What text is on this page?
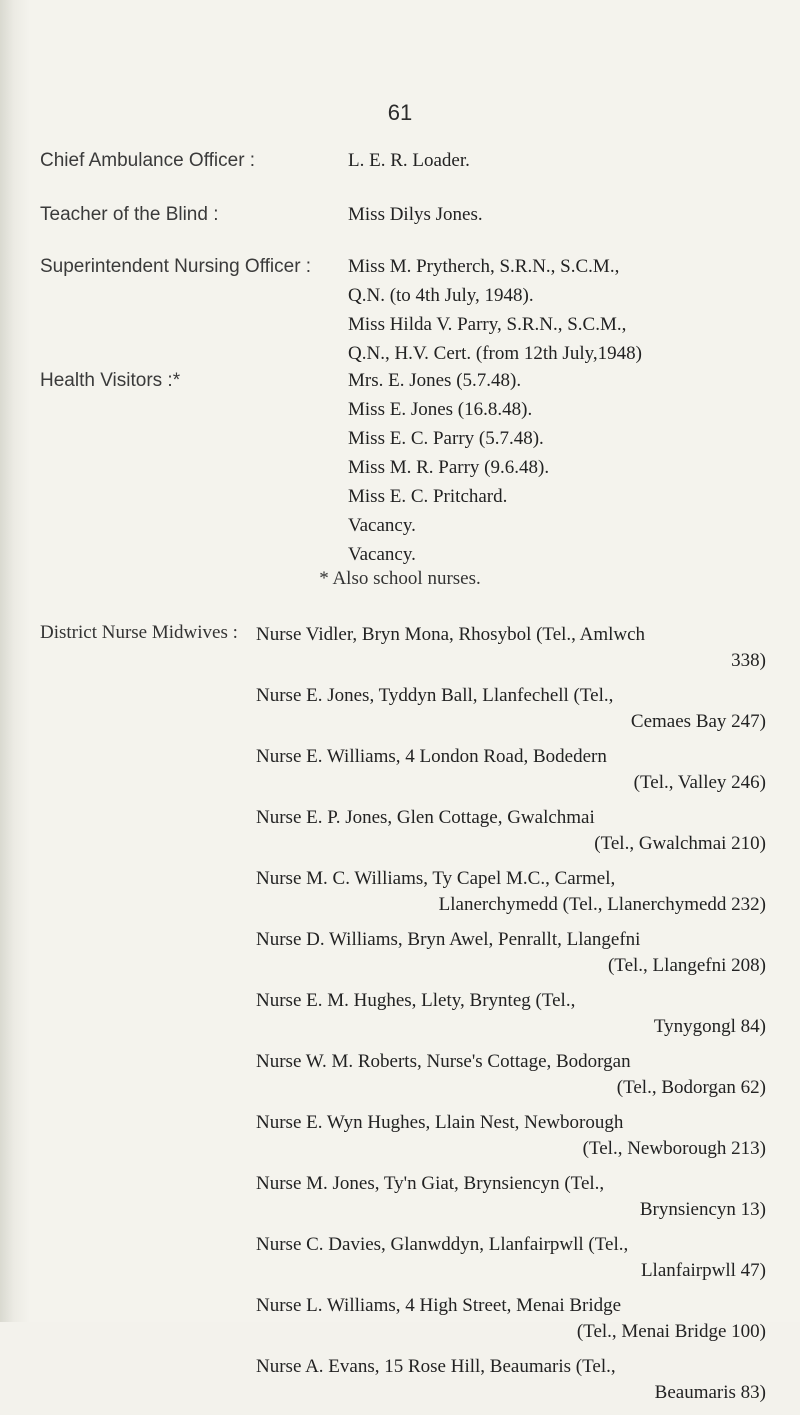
61
Chief Ambulance Officer :	L. E. R. Loader.
Teacher of the Blind :	Miss Dilys Jones.
Superintendent Nursing Officer : Miss M. Prytherch, S.R.N., S.C.M.,
Q.N. (to 4th July, 1948).
Miss Hilda V. Parry, S.R.N., S.C.M.,
Q.N., H.V. Cert. (from 12th July,1948)
Health Visitors :*	Mrs. E. Jones (5.7.48).
Miss E. Jones (16.8.48).
Miss E. C. Parry (5.7.48).
Miss M. R. Parry (9.6.48).
Miss E. C. Pritchard.
Vacancy.
Vacancy.
* Also school nurses.
District Nurse Midwives : Nurse Vidler, Bryn Mona, Rhosybol (Tel., Amlwch
338)
Nurse E. Jones, Tyddyn Ball, Llanfechell (Tel.,
Cemaes Bay 247)
Nurse E. Williams, 4 London Road, Bodedern
(Tel., Valley 246)
Nurse E. P. Jones, Glen Cottage, Gwalchmai
(Tel., Gwalchmai 210)
Nurse M. C. Williams, Ty Capel M.C., Carmel,
Llanerchymedd (Tel., Llanerchymedd 232)
Nurse D. Williams, Bryn Awel, Penrallt, Llangefni
(Tel., Llangefni 208)
Nurse E. M. Hughes, Llety, Brynteg (Tel.,
Tynygongl 84)
Nurse W. M. Roberts, Nurse's Cottage, Bodorgan
(Tel., Bodorgan 62)
Nurse E. Wyn Hughes, Llain Nest, Newborough
(Tel., Newborough 213)
Nurse M. Jones, Ty'n Giat, Brynsiencyn (Tel.,
Brynsiencyn 13)
Nurse C. Davies, Glanwddyn, Llanfairpwll (Tel.,
Llanfairpwll 47)
Nurse L. Williams, 4 High Street, Menai Bridge
(Tel., Menai Bridge 100)
Nurse A. Evans, 15 Rose Hill, Beaumaris (Tel.,
Beaumaris 83)
